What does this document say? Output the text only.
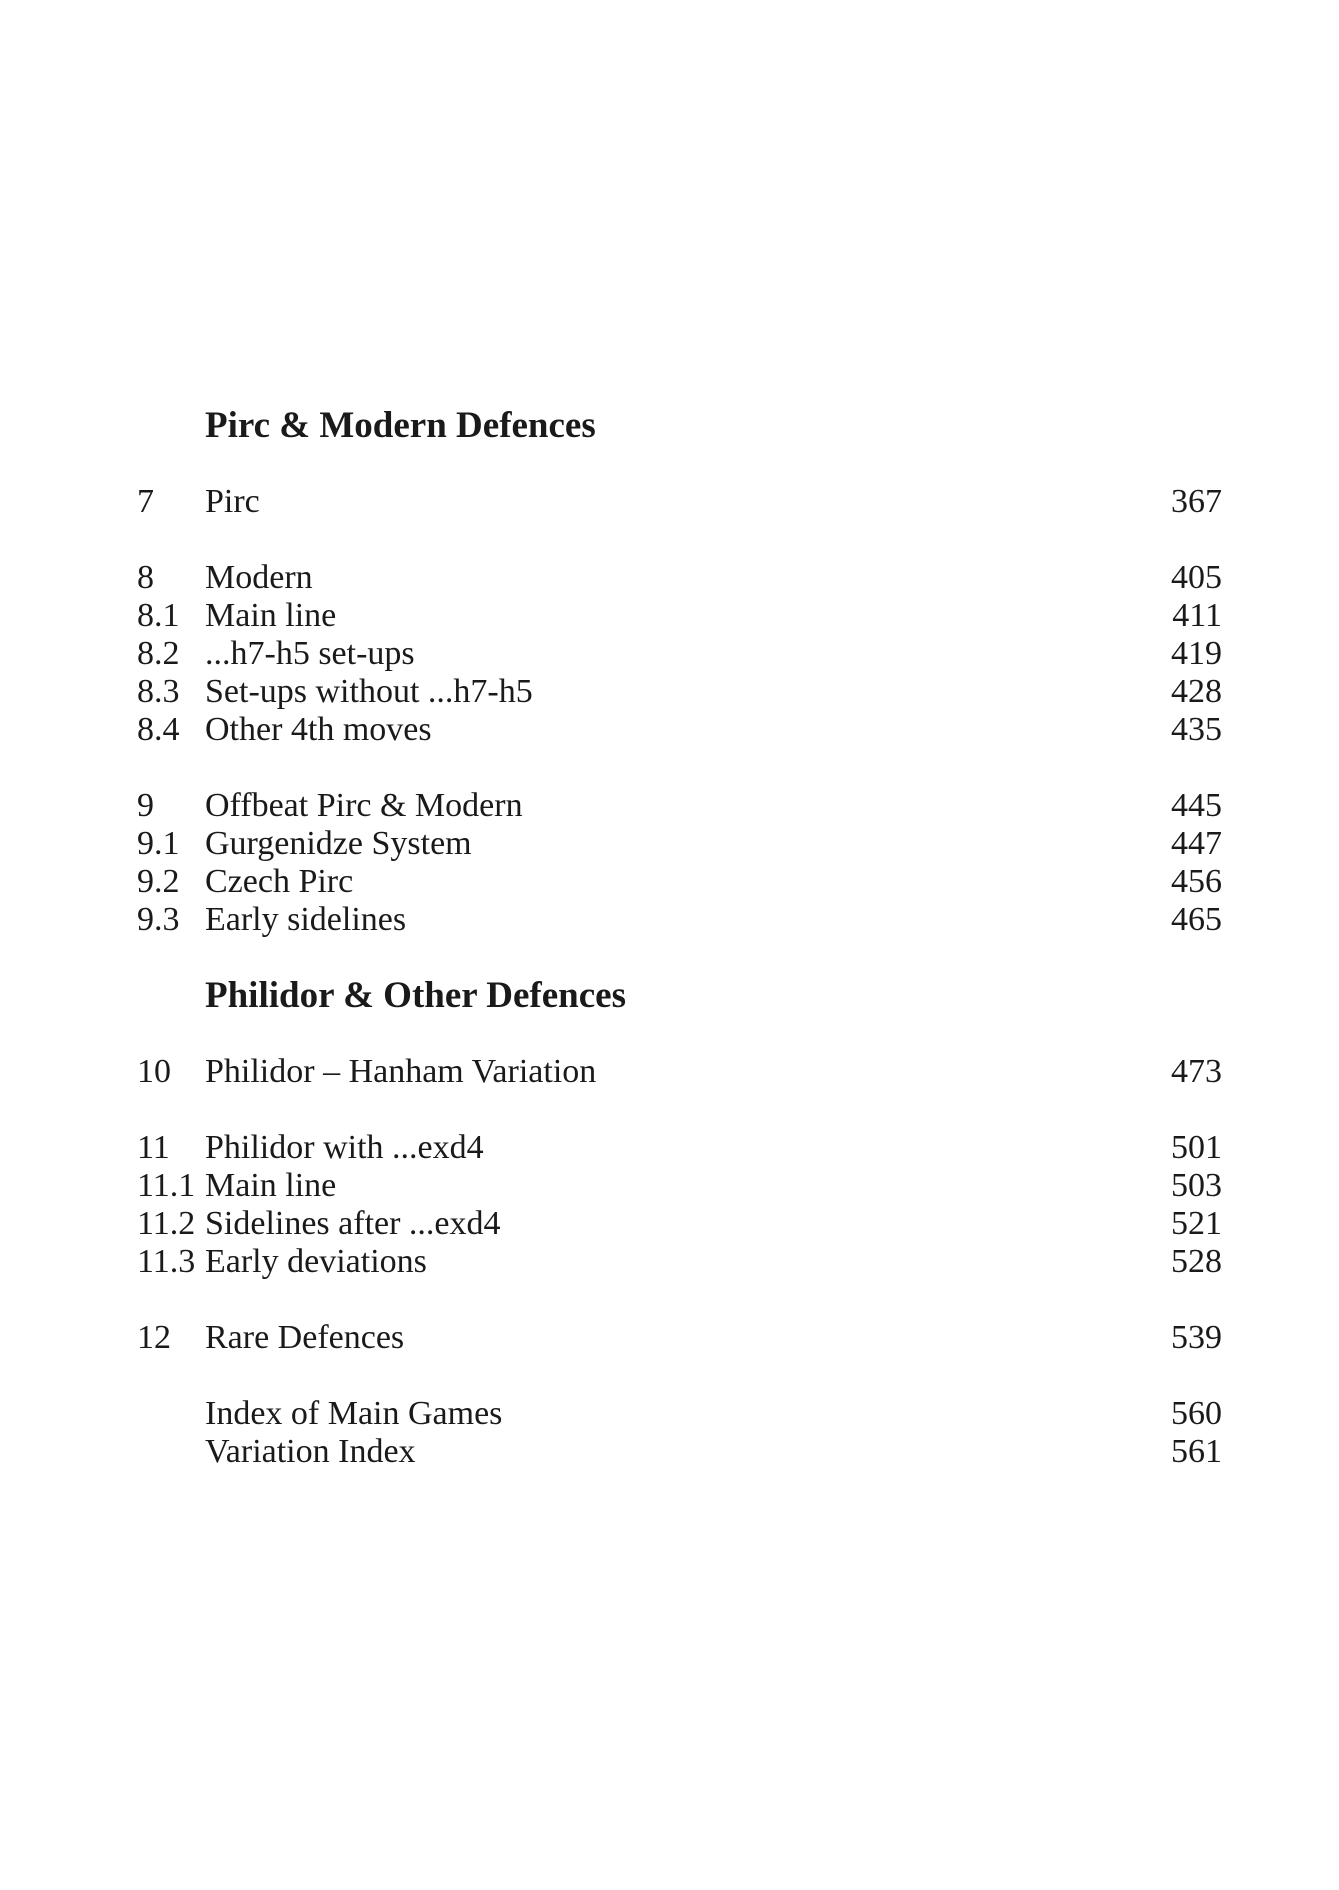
Pirc & Modern Defences
7	Pirc	367
8	Modern	405
8.1 Main line	411
8.2 ...h7-h5 set-ups	419
8.3 Set-ups without ...h7-h5	428
8.4 Other 4th moves	435
9	Offbeat Pirc & Modern	445
9.1 Gurgenidze System	447
9.2 Czech Pirc	456
9.3 Early sidelines	465
Philidor & Other Defences
10	Philidor – Hanham Variation	473
11	Philidor with ...exd4	501
11.1 Main line	503
11.2 Sidelines after ...exd4	521
11.3 Early deviations	528
12	Rare Defences	539
Index of Main Games	560
Variation Index	561
